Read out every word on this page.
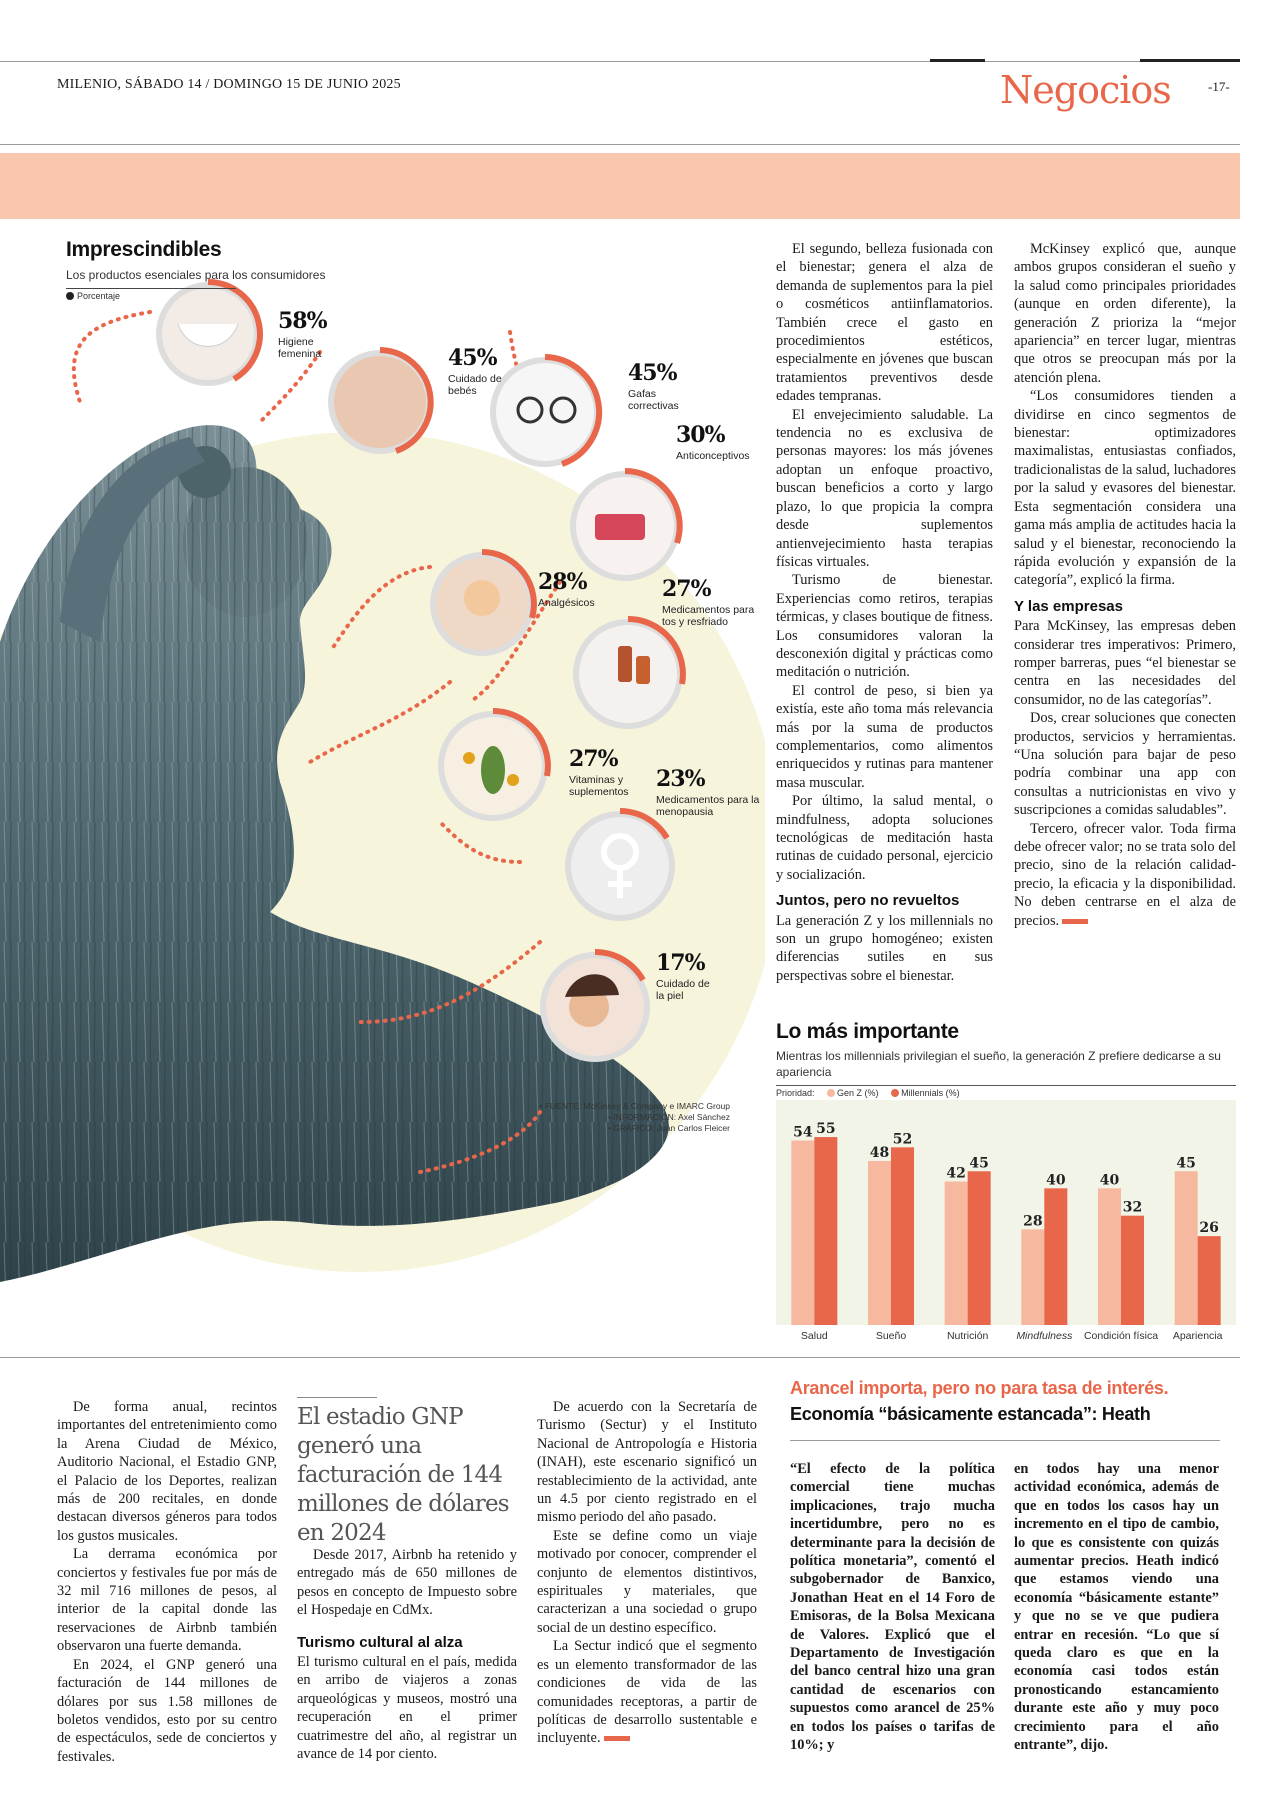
MILENIO, SÁBADO 14 / DOMINGO 15 DE JUNIO 2025	Negocios	-17-
Imprescindibles
Los productos esenciales para los consumidores
Porcentaje
58%
Higiene femenina	45%
Cuidado de bebés
45%
Gafas correctivas
30%
Anticonceptivos
28%
Analgésicos
27%
Medicamentos para tos y resfriado
27%
Vitaminas y suplementos	23%
Medicamentos para la menopausia
17%
Cuidado de la piel
• FUENTE: McKinsey & Company e IMARC Group
• INFORMACIÓN: Axel Sánchez
• GRÁFICO: Juan Carlos Fleicer

El segundo, belleza fusionada con el bienestar; genera el alza de demanda de suplementos para la piel o cosméticos antiinflamatorios. También crece el gasto en procedimientos estéticos, especialmente en jóvenes que buscan tratamientos preventivos desde edades tempranas.

El envejecimiento saludable. La tendencia no es exclusiva de personas mayores: los más jóvenes adoptan un enfoque proactivo, buscan beneficios a corto y largo plazo, lo que propicia la compra desde suplementos antienvejecimiento hasta terapias físicas virtuales.

Turismo de bienestar. Experiencias como retiros, terapias térmicas, y clases boutique de fitness. Los consumidores valoran la desconexión digital y prácticas como meditación o nutrición.

El control de peso, si bien ya existía, este año toma más relevancia más por la suma de productos complementarios, como alimentos enriquecidos y rutinas para mantener masa muscular.

Por último, la salud mental, o mindfulness, adopta soluciones tecnológicas de meditación hasta rutinas de cuidado personal, ejercicio y socialización.

Juntos, pero no revueltos

La generación Z y los millennials no son un grupo homogéneo; existen diferencias sutiles en sus perspectivas sobre el bienestar.

McKinsey explicó que, aunque ambos grupos consideran el sueño y la salud como principales prioridades (aunque en orden diferente), la generación Z prioriza la “mejor apariencia” en tercer lugar, mientras que otros se preocupan más por la atención plena.

“Los consumidores tienden a dividirse en cinco segmentos de bienestar: optimizadores maximalistas, entusiastas confiados, tradicionalistas de la salud, luchadores por la salud y evasores del bienestar. Esta segmentación considera una gama más amplia de actitudes hacia la salud y el bienestar, reconociendo la rápida evolución y expansión de la categoría”, explicó la firma.

Y las empresas

Para McKinsey, las empresas deben considerar tres imperativos: Primero, romper barreras, pues “el bienestar se centra en las necesidades del consumidor, no de las categorías”.

Dos, crear soluciones que conecten productos, servicios y herramientas. “Una solución para bajar de peso podría combinar una app con consultas a nutricionistas en vivo y suscripciones a comidas saludables”.

Tercero, ofrecer valor. Toda firma debe ofrecer valor; no se trata solo del precio, sino de la relación calidad-precio, la eficacia y la disponibilidad. No deben centrarse en el alza de precios.

Lo más importante
Mientras los millennials privilegian el sueño, la generación Z prefiere dedicarse a su apariencia
Prioridad:	Gen Z (%)	Millennials (%)
54 55
Salud
48
52
Sueño
42
45
Nutrición
28
40
Mindfulness
40
32
Condición física
45
26
Apariencia

De forma anual, recintos importantes del entretenimiento como la Arena Ciudad de México, Auditorio Nacional, el Estadio GNP, el Palacio de los Deportes, realizan más de 200 recitales, en donde destacan diversos géneros para todos los gustos musicales.

La derrama económica por conciertos y festivales fue por más de 32 mil 716 millones de pesos, al interior de la capital donde las reservaciones de Airbnb también observaron una fuerte demanda.

En 2024, el GNP generó una facturación de 144 millones de dólares por sus 1.58 millones de boletos vendidos, esto por su centro de espectáculos, sede de conciertos y festivales.

El estadio GNP generó una facturación de 144 millones de dólares en 2024

Desde 2017, Airbnb ha retenido y entregado más de 650 millones de pesos en concepto de Impuesto sobre el Hospedaje en CdMx.

Turismo cultural al alza

El turismo cultural en el país, medida en arribo de viajeros a zonas arqueológicas y museos, mostró una recuperación en el primer cuatrimestre del año, al registrar un avance de 14 por ciento.

De acuerdo con la Secretaría de Turismo (Sectur) y el Instituto Nacional de Antropología e Historia (INAH), este escenario significó un restablecimiento de la actividad, ante un 4.5 por ciento registrado en el mismo periodo del año pasado.

Este se define como un viaje motivado por conocer, comprender el conjunto de elementos distintivos, espirituales y materiales, que caracterizan a una sociedad o grupo social de un destino específico.

La Sectur indicó que el segmento es un elemento transformador de las condiciones de vida de las comunidades receptoras, a partir de políticas de desarrollo sustentable e incluyente.

Arancel importa, pero no para tasa de interés.
Economía “básicamente estancada”: Heath

“El efecto de la política comercial tiene muchas implicaciones, trajo mucha incertidumbre, pero no es determinante para la decisión de política monetaria”, comentó el subgobernador de Banxico, Jonathan Heat en el 14 Foro de Emisoras, de la Bolsa Mexicana de Valores. Explicó que el Departamento de Investigación del banco central hizo una gran cantidad de escenarios con supuestos como arancel de 25% en todos los países o tarifas de 10%; y

en todos hay una menor actividad económica, además de que en todos los casos hay un incremento en el tipo de cambio, lo que es consistente con quizás aumentar precios. Heath indicó que estamos viendo una economía “básicamente estante” y que no se ve que pudiera entrar en recesión. “Lo que sí queda claro es que en la economía casi todos están pronosticando estancamiento durante este año y muy poco crecimiento para el año entrante”, dijo.
